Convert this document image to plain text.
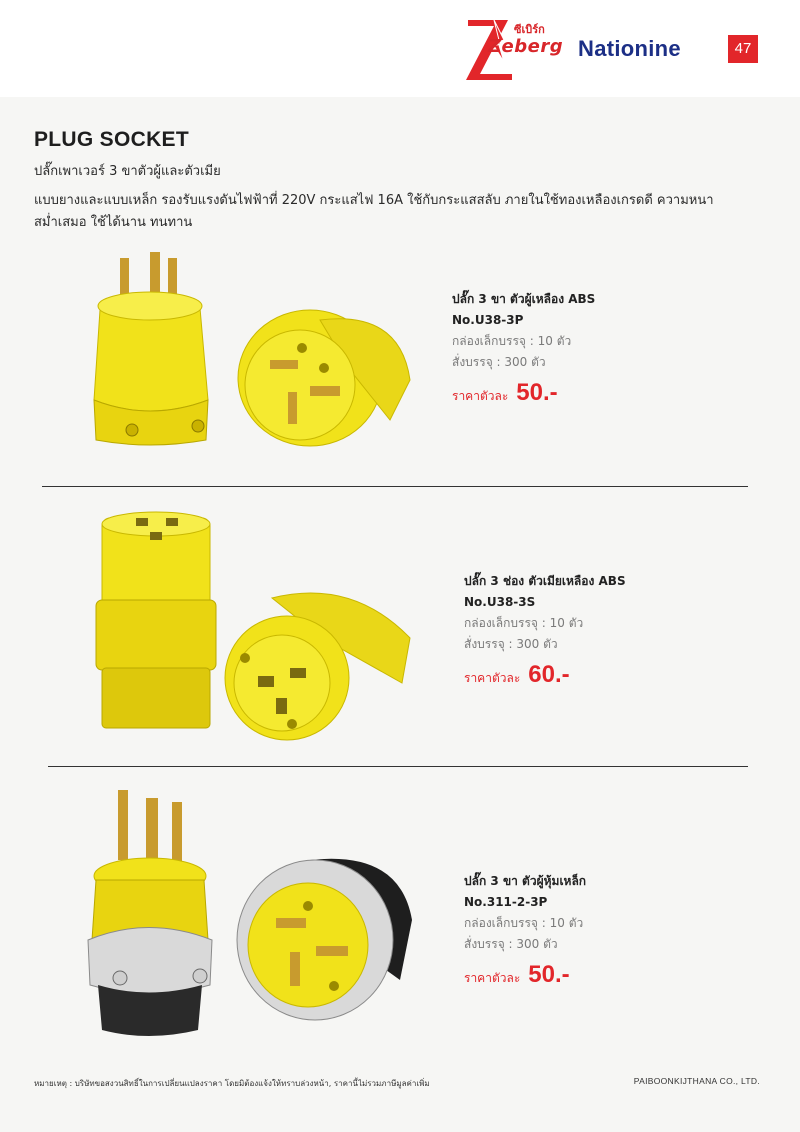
ซีเบิร์ก
Zeberg Nationine	47
PLUG SOCKET
ปลั๊กเพาเวอร์ 3 ขาตัวผู้และตัวเมีย
แบบยางและแบบเหล็ก รองรับแรงดันไฟฟ้าที่ 220V กระแสไฟ 16A ใช้กับกระแสสลับ ภายในใช้ทองเหลืองเกรดดี ความหนาสม่ำเสมอ ใช้ได้นาน ทนทาน
ปลั๊ก 3 ขา ตัวผู้เหลือง ABS
No.U38-3P
กล่องเล็กบรรจุ : 10 ตัว
สั่งบรรจุ : 300 ตัว
ราคาตัวละ 50.-
ปลั๊ก 3 ช่อง ตัวเมียเหลือง ABS
No.U38-3S
กล่องเล็กบรรจุ : 10 ตัว
สั่งบรรจุ : 300 ตัว
ราคาตัวละ 60.-
ปลั๊ก 3 ขา ตัวผู้หุ้มเหล็ก
No.311-2-3P
กล่องเล็กบรรจุ : 10 ตัว
สั่งบรรจุ : 300 ตัว
ราคาตัวละ 50.-
หมายเหตุ : บริษัทขอสงวนสิทธิ์ในการเปลี่ยนแปลงราคา โดยมิต้องแจ้งให้ทราบล่วงหน้า, ราคานี้ไม่รวมภาษีมูลค่าเพิ่ม	PAIBOONKIJTHANA CO., LTD.
